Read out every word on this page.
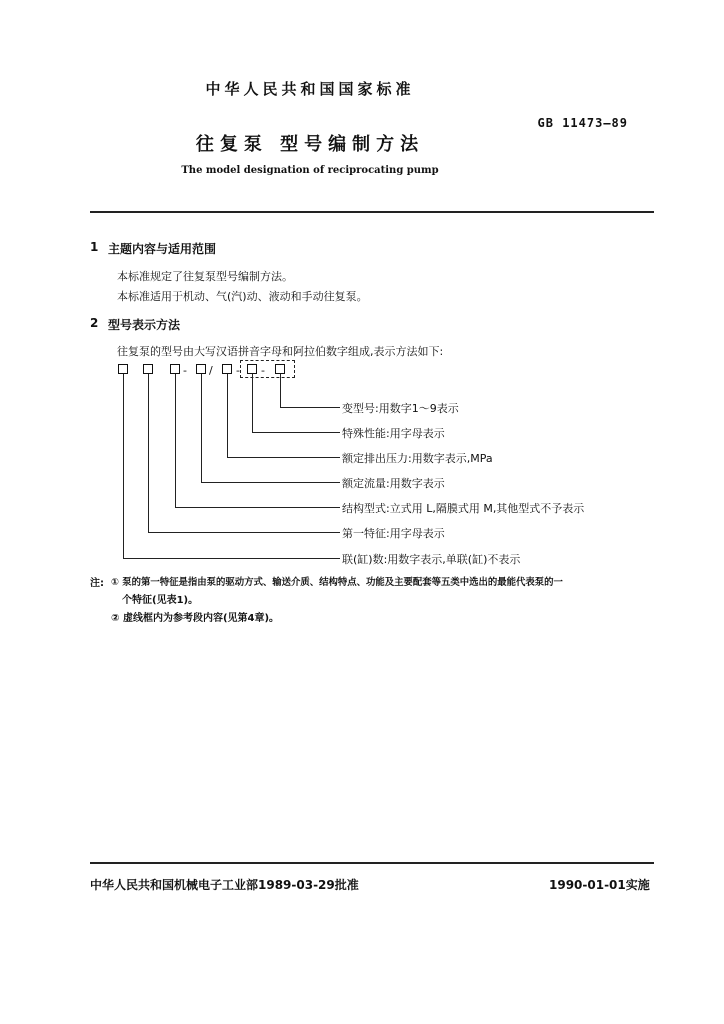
中华人民共和国国家标准
GB 11473—89
往复泵 型号编制方法
The model designation of reciprocating pump
1 主题内容与适用范围
本标准规定了往复泵型号编制方法。
本标准适用于机动、气(汽)动、液动和手动往复泵。
2 型号表示方法
往复泵的型号由大写汉语拼音字母和阿拉伯数字组成,表示方法如下:
- / - -
变型号:用数字1～9表示
特殊性能:用字母表示
额定排出压力:用数字表示,MPa
额定流量:用数字表示
结构型式:立式用 L,隔膜式用 M,其他型式不予表示
第一特征:用字母表示
联(缸)数:用数字表示,单联(缸)不表示
注: ① 泵的第一特征是指由泵的驱动方式、输送介质、结构特点、功能及主要配套等五类中选出的最能代表泵的一
个特征(见表1)。
② 虚线框内为参考段内容(见第4章)。
中华人民共和国机械电子工业部1989-03-29批准	1990-01-01实施
